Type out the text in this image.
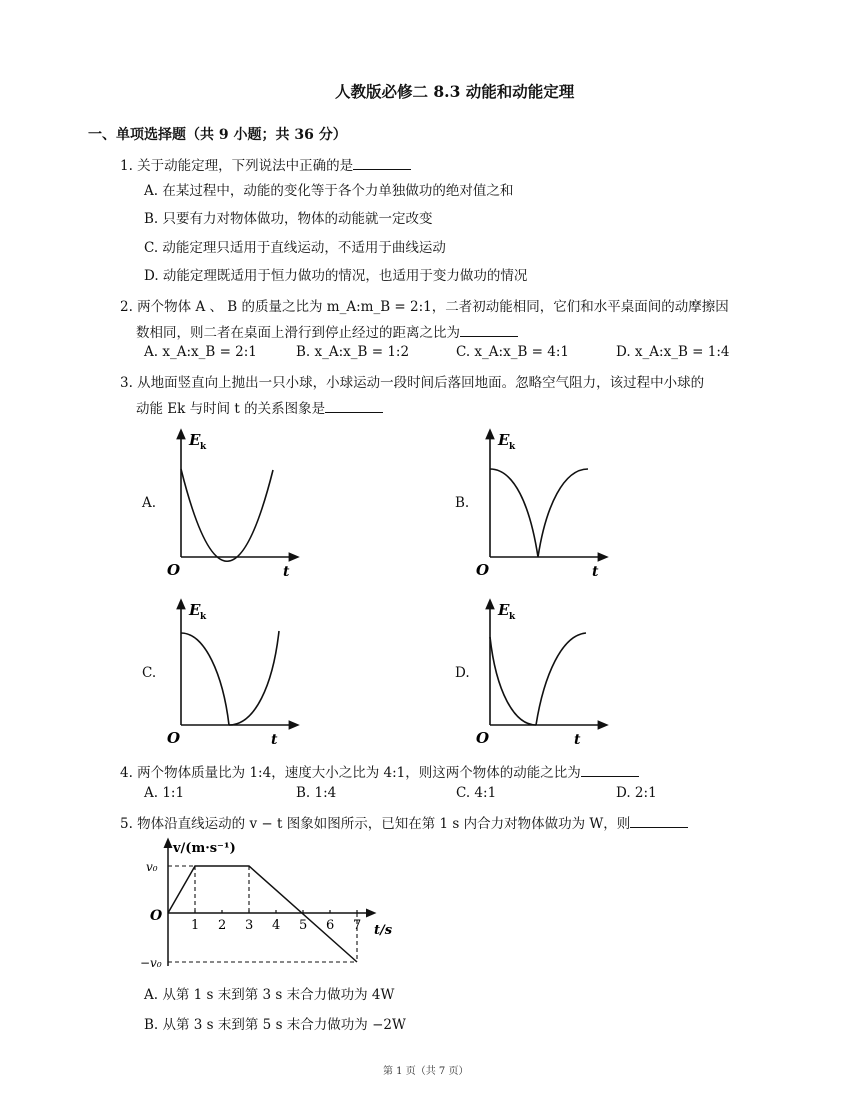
人教版必修二 8.3 动能和动能定理
一、单项选择题（共 9 小题；共 36 分）
1. 关于动能定理，下列说法中正确的是
A. 在某过程中，动能的变化等于各个力单独做功的绝对值之和
B. 只要有力对物体做功，物体的动能就一定改变
C. 动能定理只适用于直线运动，不适用于曲线运动
D. 动能定理既适用于恒力做功的情况，也适用于变力做功的情况
2. 两个物体 A 、 B 的质量之比为 m_A:m_B = 2:1，二者初动能相同，它们和水平桌面间的动摩擦因
数相同，则二者在桌面上滑行到停止经过的距离之比为
A. x_A:x_B = 2:1	B. x_A:x_B = 1:2	C. x_A:x_B = 4:1	D. x_A:x_B = 1:4
3. 从地面竖直向上抛出一只小球，小球运动一段时间后落回地面。忽略空气阻力，该过程中小球的
动能 Ek 与时间 t 的关系图象是
A.	B.
C.	D.
E k
t
O
E k
t
O
E k
t
O
E k
t
O
4. 两个物体质量比为 1:4，速度大小之比为 4:1，则这两个物体的动能之比为
A. 1:1	B. 1:4	C. 4:1	D. 2:1
5. 物体沿直线运动的 v − t 图象如图所示，已知在第 1 s 内合力对物体做功为 W，则
v/(m·s⁻¹)
t/s
O
v₀
−v₀
1 2 3 4 5 6 7
A. 从第 1 s 末到第 3 s 末合力做功为 4W
B. 从第 3 s 末到第 5 s 末合力做功为 −2W
第 1 页（共 7 页）
